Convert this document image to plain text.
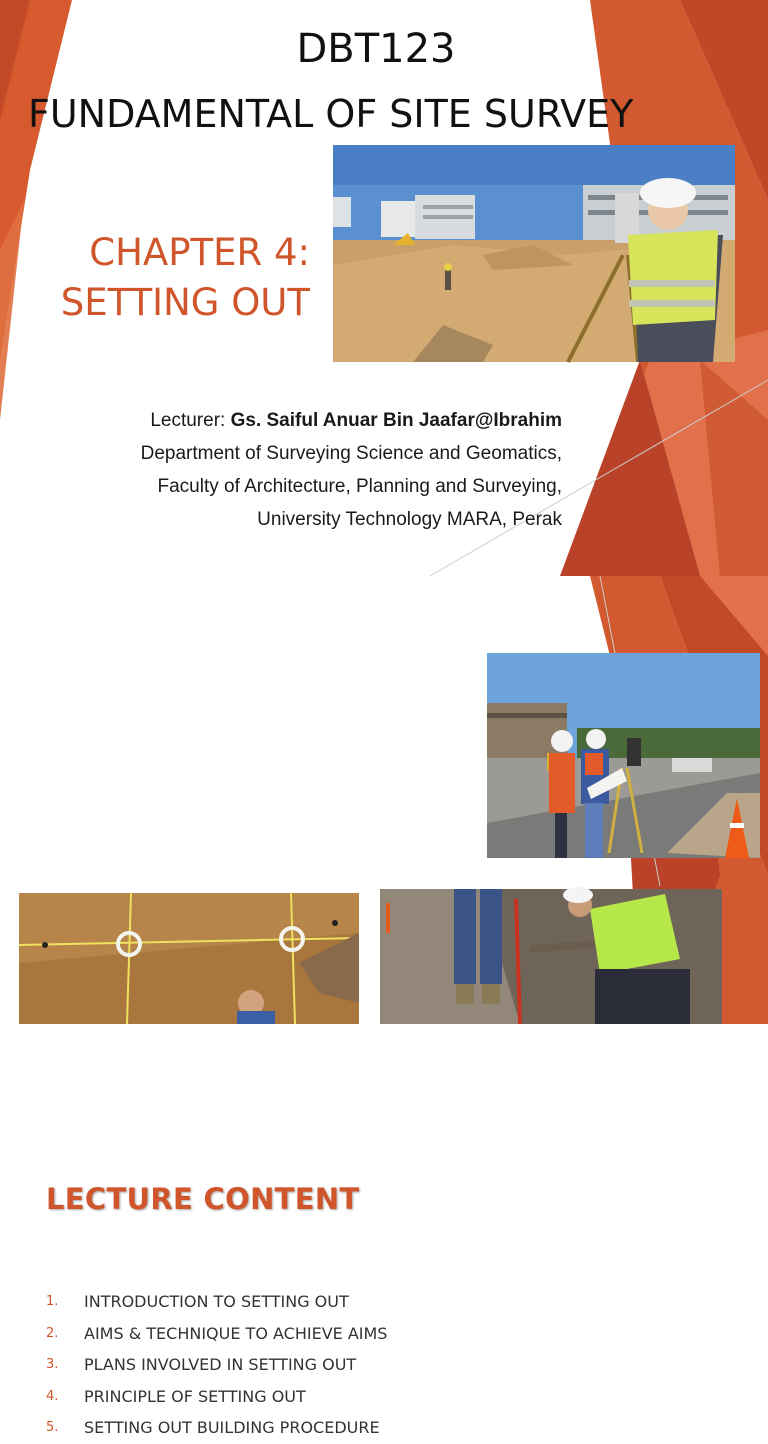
DBT123
FUNDAMENTAL OF SITE SURVEY
CHAPTER 4:
SETTING OUT
Lecturer: Gs. Saiful Anuar Bin Jaafar@Ibrahim
Department of Surveying Science and Geomatics,
Faculty of Architecture, Planning and Surveying,
University Technology MARA, Perak
LECTURE CONTENT
1.	INTRODUCTION TO SETTING OUT
2.	AIMS & TECHNIQUE TO ACHIEVE AIMS
3.	PLANS INVOLVED IN SETTING OUT
4.	PRINCIPLE OF SETTING OUT
5.	SETTING OUT BUILDING PROCEDURE
